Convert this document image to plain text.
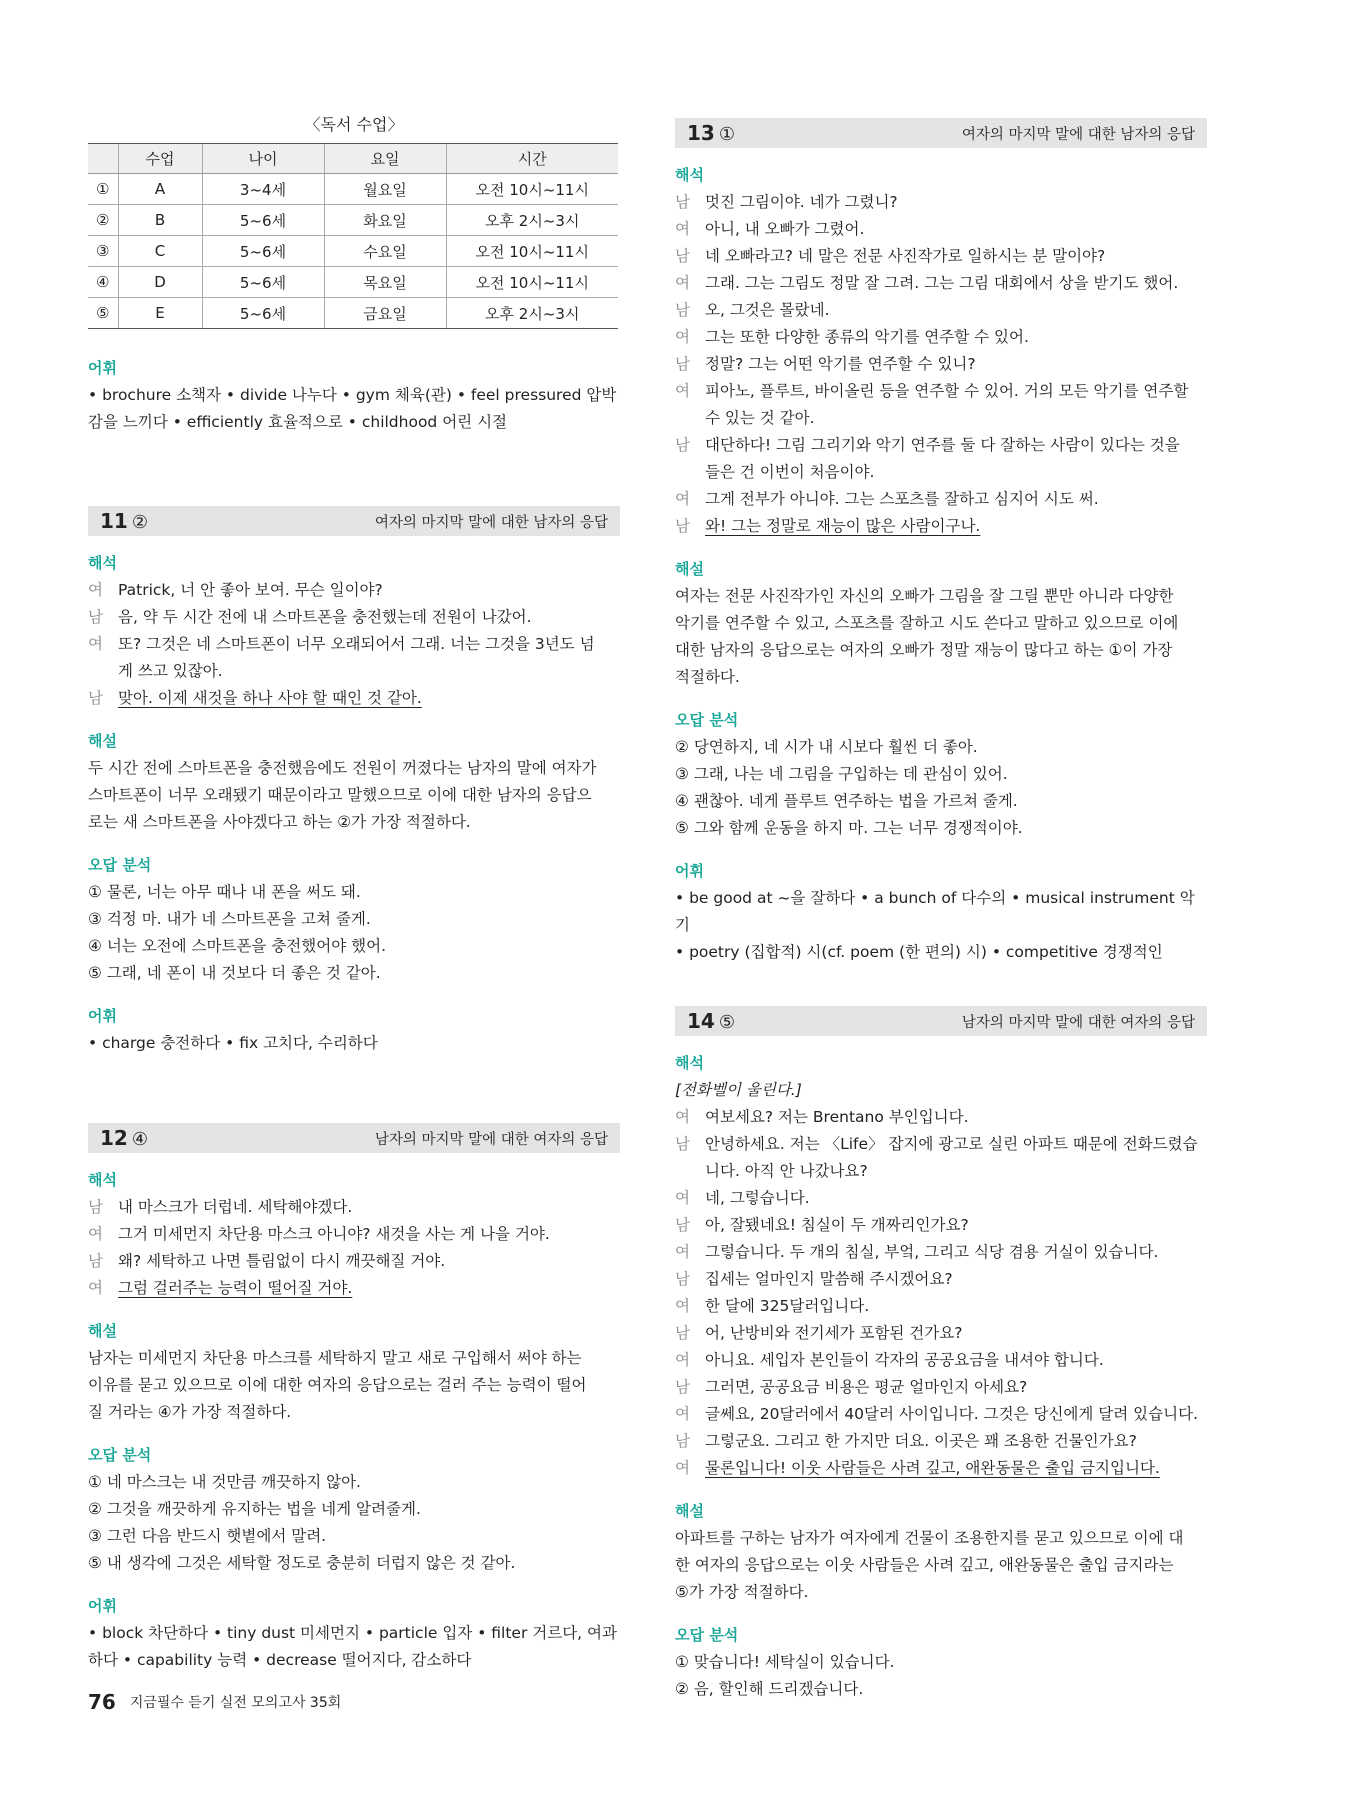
〈독서 수업〉
	수업	나이	요일	시간
①	A	3~4세	월요일	오전 10시~11시
②	B	5~6세	화요일	오후 2시~3시
③	C	5~6세	수요일	오전 10시~11시
④	D	5~6세	목요일	오전 10시~11시
⑤	E	5~6세	금요일	오후 2시~3시
어휘
• brochure 소책자 • divide 나누다 • gym 체육(관) • feel pressured 압박
감을 느끼다 • efficiently 효율적으로 • childhood 어린 시절
11 ②	여자의 마지막 말에 대한 남자의 응답
해석
여 Patrick, 너 안 좋아 보여. 무슨 일이야?
남 음, 약 두 시간 전에 내 스마트폰을 충전했는데 전원이 나갔어.
여 또? 그것은 네 스마트폰이 너무 오래되어서 그래. 너는 그것을 3년도 넘
게 쓰고 있잖아.
남 맞아. 이제 새것을 하나 사야 할 때인 것 같아.
해설
두 시간 전에 스마트폰을 충전했음에도 전원이 꺼졌다는 남자의 말에 여자가
스마트폰이 너무 오래됐기 때문이라고 말했으므로 이에 대한 남자의 응답으
로는 새 스마트폰을 사야겠다고 하는 ②가 가장 적절하다.
오답 분석
① 물론, 너는 아무 때나 내 폰을 써도 돼.
③ 걱정 마. 내가 네 스마트폰을 고쳐 줄게.
④ 너는 오전에 스마트폰을 충전했어야 했어.
⑤ 그래, 네 폰이 내 것보다 더 좋은 것 같아.
어휘
• charge 충전하다 • fix 고치다, 수리하다
12 ④	남자의 마지막 말에 대한 여자의 응답
해석
남 내 마스크가 더럽네. 세탁해야겠다.
여 그거 미세먼지 차단용 마스크 아니야? 새것을 사는 게 나을 거야.
남 왜? 세탁하고 나면 틀림없이 다시 깨끗해질 거야.
여 그럼 걸러주는 능력이 떨어질 거야.
해설
남자는 미세먼지 차단용 마스크를 세탁하지 말고 새로 구입해서 써야 하는
이유를 묻고 있으므로 이에 대한 여자의 응답으로는 걸러 주는 능력이 떨어
질 거라는 ④가 가장 적절하다.
오답 분석
① 네 마스크는 내 것만큼 깨끗하지 않아.
② 그것을 깨끗하게 유지하는 법을 네게 알려줄게.
③ 그런 다음 반드시 햇볕에서 말려.
⑤ 내 생각에 그것은 세탁할 정도로 충분히 더럽지 않은 것 같아.
어휘
• block 차단하다 • tiny dust 미세먼지 • particle 입자 • filter 거르다, 여과
하다 • capability 능력 • decrease 떨어지다, 감소하다
13 ①	여자의 마지막 말에 대한 남자의 응답
해석
남 멋진 그림이야. 네가 그렸니?
여 아니, 내 오빠가 그렸어.
남 네 오빠라고? 네 말은 전문 사진작가로 일하시는 분 말이야?
여 그래. 그는 그림도 정말 잘 그려. 그는 그림 대회에서 상을 받기도 했어.
남 오, 그것은 몰랐네.
여 그는 또한 다양한 종류의 악기를 연주할 수 있어.
남 정말? 그는 어떤 악기를 연주할 수 있니?
여 피아노, 플루트, 바이올린 등을 연주할 수 있어. 거의 모든 악기를 연주할
수 있는 것 같아.
남 대단하다! 그림 그리기와 악기 연주를 둘 다 잘하는 사람이 있다는 것을
들은 건 이번이 처음이야.
여 그게 전부가 아니야. 그는 스포츠를 잘하고 심지어 시도 써.
남 와! 그는 정말로 재능이 많은 사람이구나.
해설
여자는 전문 사진작가인 자신의 오빠가 그림을 잘 그릴 뿐만 아니라 다양한
악기를 연주할 수 있고, 스포츠를 잘하고 시도 쓴다고 말하고 있으므로 이에
대한 남자의 응답으로는 여자의 오빠가 정말 재능이 많다고 하는 ①이 가장
적절하다.
오답 분석
② 당연하지, 네 시가 내 시보다 훨씬 더 좋아.
③ 그래, 나는 네 그림을 구입하는 데 관심이 있어.
④ 괜찮아. 네게 플루트 연주하는 법을 가르쳐 줄게.
⑤ 그와 함께 운동을 하지 마. 그는 너무 경쟁적이야.
어휘
• be good at ~을 잘하다 • a bunch of 다수의 • musical instrument 악기
• poetry (집합적) 시(cf. poem (한 편의) 시) • competitive 경쟁적인
14 ⑤	남자의 마지막 말에 대한 여자의 응답
해석
[전화벨이 울린다.]
여 여보세요? 저는 Brentano 부인입니다.
남 안녕하세요. 저는 〈Life〉 잡지에 광고로 실린 아파트 때문에 전화드렸습
니다. 아직 안 나갔나요?
여 네, 그렇습니다.
남 아, 잘됐네요! 침실이 두 개짜리인가요?
여 그렇습니다. 두 개의 침실, 부엌, 그리고 식당 겸용 거실이 있습니다.
남 집세는 얼마인지 말씀해 주시겠어요?
여 한 달에 325달러입니다.
남 어, 난방비와 전기세가 포함된 건가요?
여 아니요. 세입자 본인들이 각자의 공공요금을 내셔야 합니다.
남 그러면, 공공요금 비용은 평균 얼마인지 아세요?
여 글쎄요, 20달러에서 40달러 사이입니다. 그것은 당신에게 달려 있습니다.
남 그렇군요. 그리고 한 가지만 더요. 이곳은 꽤 조용한 건물인가요?
여 물론입니다! 이웃 사람들은 사려 깊고, 애완동물은 출입 금지입니다.
해설
아파트를 구하는 남자가 여자에게 건물이 조용한지를 묻고 있으므로 이에 대
한 여자의 응답으로는 이웃 사람들은 사려 깊고, 애완동물은 출입 금지라는
⑤가 가장 적절하다.
오답 분석
① 맞습니다! 세탁실이 있습니다.
② 음, 할인해 드리겠습니다.
76 지금필수 듣기 실전 모의고사 35회
